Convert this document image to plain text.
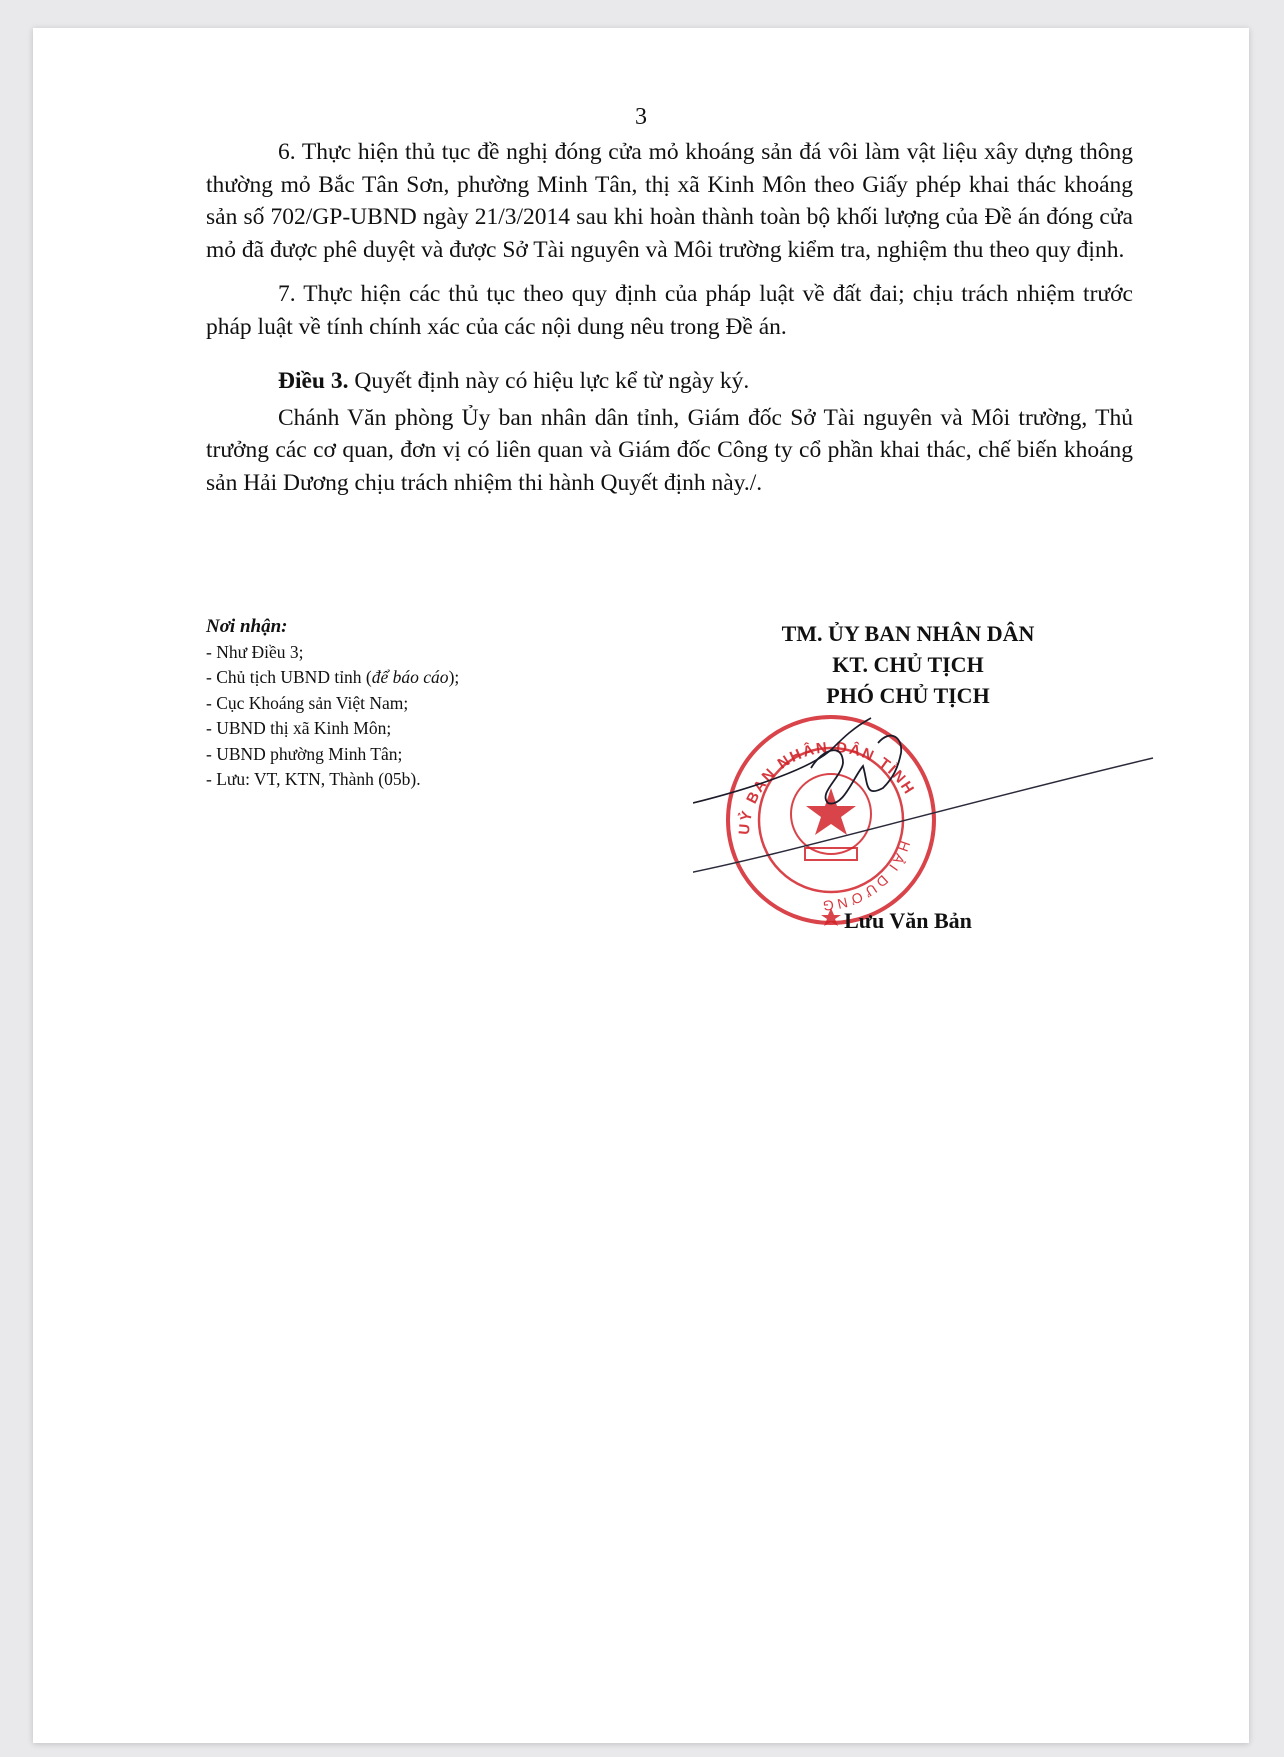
3

6. Thực hiện thủ tục đề nghị đóng cửa mỏ khoáng sản đá vôi làm vật liệu xây dựng thông thường mỏ Bắc Tân Sơn, phường Minh Tân, thị xã Kinh Môn theo Giấy phép khai thác khoáng sản số 702/GP-UBND ngày 21/3/2014 sau khi hoàn thành toàn bộ khối lượng của Đề án đóng cửa mỏ đã được phê duyệt và được Sở Tài nguyên và Môi trường kiểm tra, nghiệm thu theo quy định.

7. Thực hiện các thủ tục theo quy định của pháp luật về đất đai; chịu trách nhiệm trước pháp luật về tính chính xác của các nội dung nêu trong Đề án.

Điều 3. Quyết định này có hiệu lực kể từ ngày ký.

Chánh Văn phòng Ủy ban nhân dân tỉnh, Giám đốc Sở Tài nguyên và Môi trường, Thủ trưởng các cơ quan, đơn vị có liên quan và Giám đốc Công ty cổ phần khai thác, chế biến khoáng sản Hải Dương chịu trách nhiệm thi hành Quyết định này./.

Nơi nhận:
- Như Điều 3;
- Chủ tịch UBND tỉnh (để báo cáo);
- Cục Khoáng sản Việt Nam;
- UBND thị xã Kinh Môn;
- UBND phường Minh Tân;
- Lưu: VT, KTN, Thành (05b).
TM. ỦY BAN NHÂN DÂN
KT. CHỦ TỊCH
PHÓ CHỦ TỊCH
UỶ BAN NHÂN DÂN TỈNH
HẢI DƯƠNG
Lưu Văn Bản
